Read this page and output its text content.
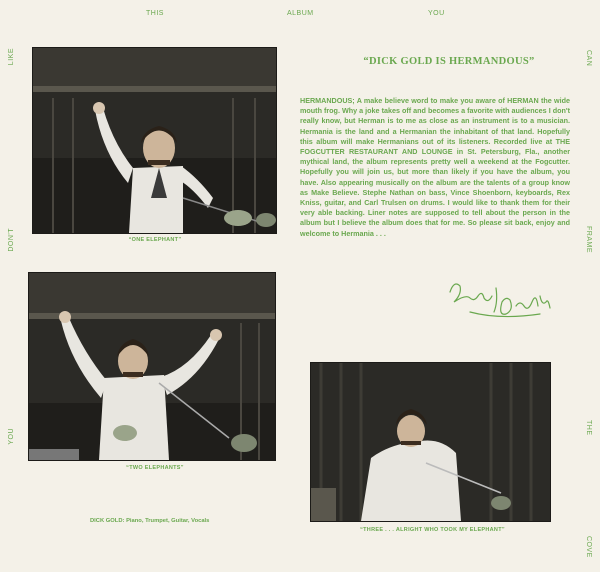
THIS	ALBUM	YOU
LIKE
DON'T
YOU
CAN
FRAME
THE
COVE
“ONE ELEPHANT”
“TWO ELEPHANTS”
DICK GOLD: Piano, Trumpet, Guitar, Vocals
“THREE . . . ALRIGHT WHO TOOK MY ELEPHANT”
“DICK GOLD IS HERMANDOUS”
HERMANDOUS; A make believe word to make you aware of HERMAN the wide mouth frog. Why a joke takes off and becomes a favorite with audiences I don't really know, but Herman is to me as close as an instrument is to a musician. Hermania is the land and a Hermanian the inhabitant of that land. Hopefully this album will make Hermanians out of its listeners. Recorded live at THE FOGCUTTER RESTAURANT AND LOUNGE in St. Petersburg, Fla., another mythical land, the album represents pretty well a weekend at the Fogcutter. Hopefully you will join us, but more than likely if you have the album, you have. Also appearing musically on the album are the talents of a group know as Make Believe. Stephe Nathan on bass, Vince Shoenborn, keyboards, Rex Kniss, guitar, and Carl Trulsen on drums. I would like to thank them for their very able backing. Liner notes are supposed to tell about the person in the album but I believe the album does that for me. So please sit back, enjoy and welcome to Hermania . . .
